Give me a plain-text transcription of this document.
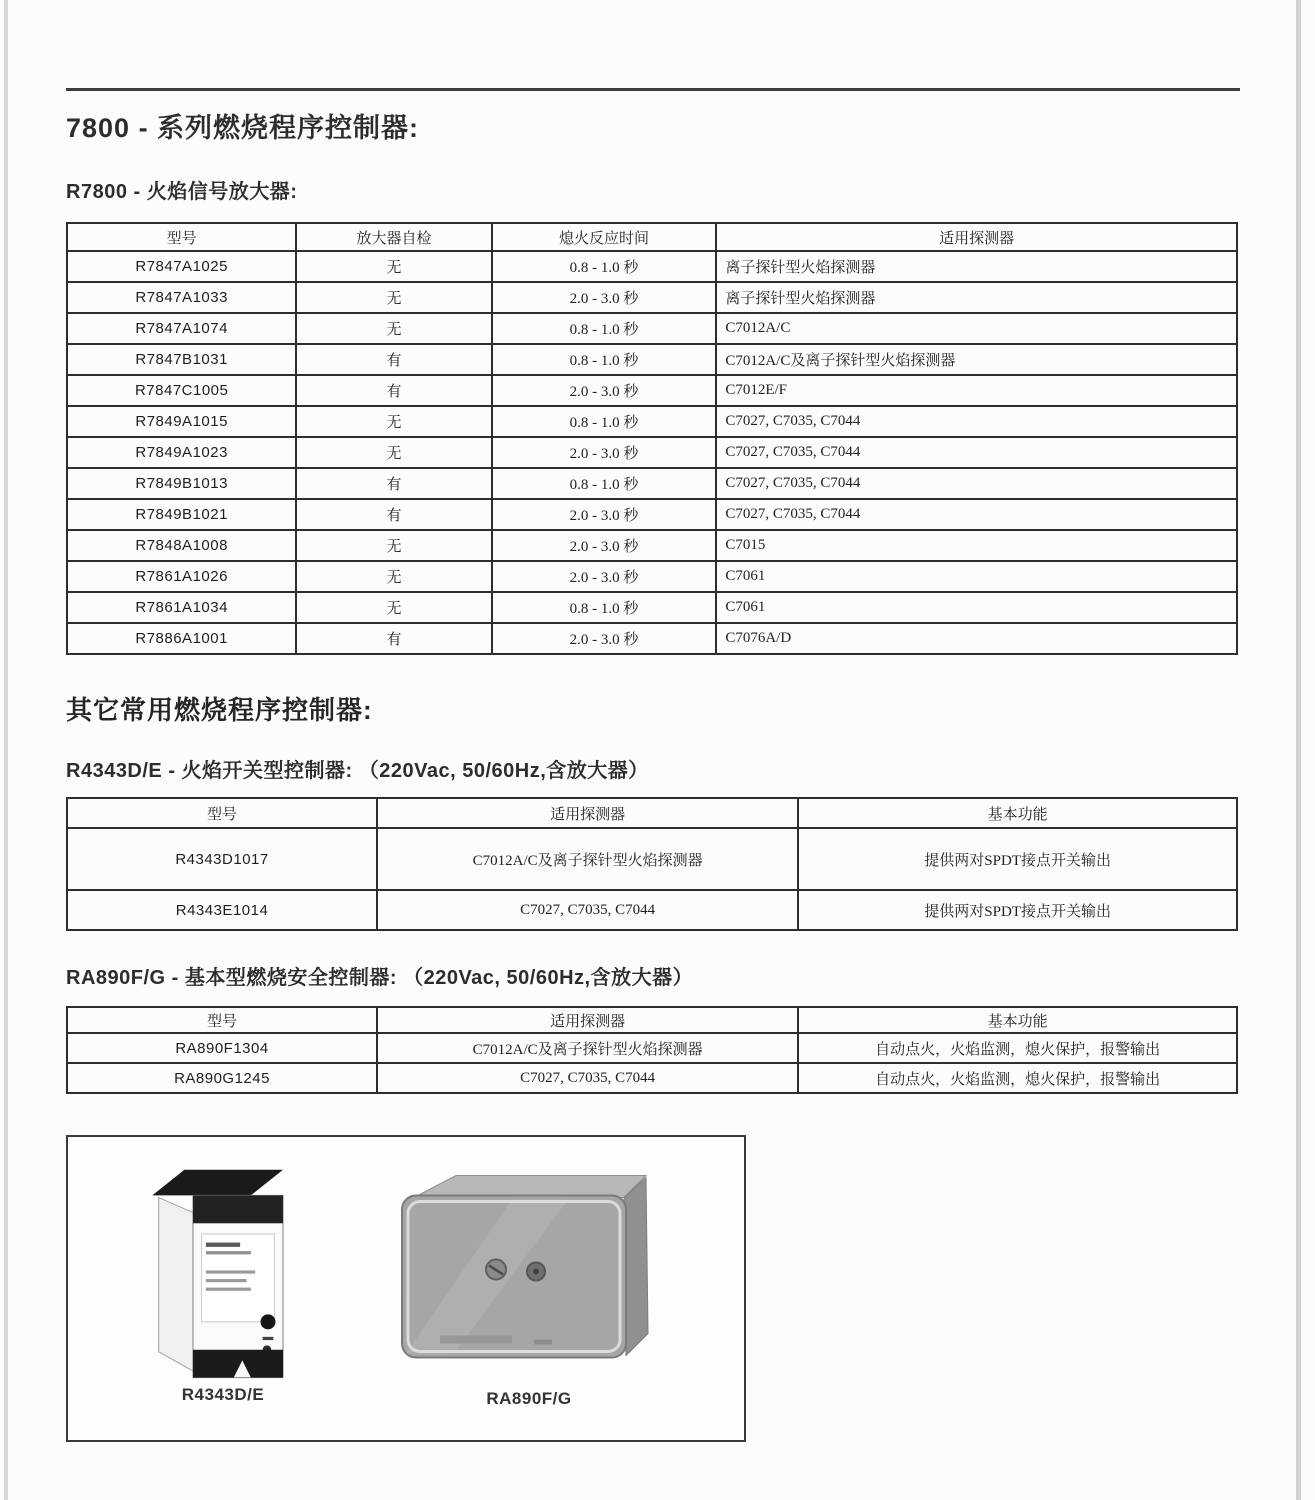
7800 - 系列燃烧程序控制器:
R7800 - 火焰信号放大器:
型号	放大器自检	熄火反应时间	适用探测器
R7847A1025	无	0.8 - 1.0 秒	离子探针型火焰探测器
R7847A1033	无	2.0 - 3.0 秒	离子探针型火焰探测器
R7847A1074	无	0.8 - 1.0 秒	C7012A/C
R7847B1031	有	0.8 - 1.0 秒	C7012A/C及离子探针型火焰探测器
R7847C1005	有	2.0 - 3.0 秒	C7012E/F
R7849A1015	无	0.8 - 1.0 秒	C7027, C7035, C7044
R7849A1023	无	2.0 - 3.0 秒	C7027, C7035, C7044
R7849B1013	有	0.8 - 1.0 秒	C7027, C7035, C7044
R7849B1021	有	2.0 - 3.0 秒	C7027, C7035, C7044
R7848A1008	无	2.0 - 3.0 秒	C7015
R7861A1026	无	2.0 - 3.0 秒	C7061
R7861A1034	无	0.8 - 1.0 秒	C7061
R7886A1001	有	2.0 - 3.0 秒	C7076A/D
其它常用燃烧程序控制器:
R4343D/E - 火焰开关型控制器: （220Vac, 50/60Hz,含放大器）
型号	适用探测器	基本功能
R4343D1017	C7012A/C及离子探针型火焰探测器	提供两对SPDT接点开关输出
R4343E1014	C7027, C7035, C7044	提供两对SPDT接点开关输出
RA890F/G - 基本型燃烧安全控制器: （220Vac, 50/60Hz,含放大器）
型号	适用探测器	基本功能
RA890F1304	C7012A/C及离子探针型火焰探测器	自动点火，火焰监测，熄火保护，报警输出
RA890G1245	C7027, C7035, C7044	自动点火，火焰监测，熄火保护，报警输出
R4343D/E	RA890F/G
